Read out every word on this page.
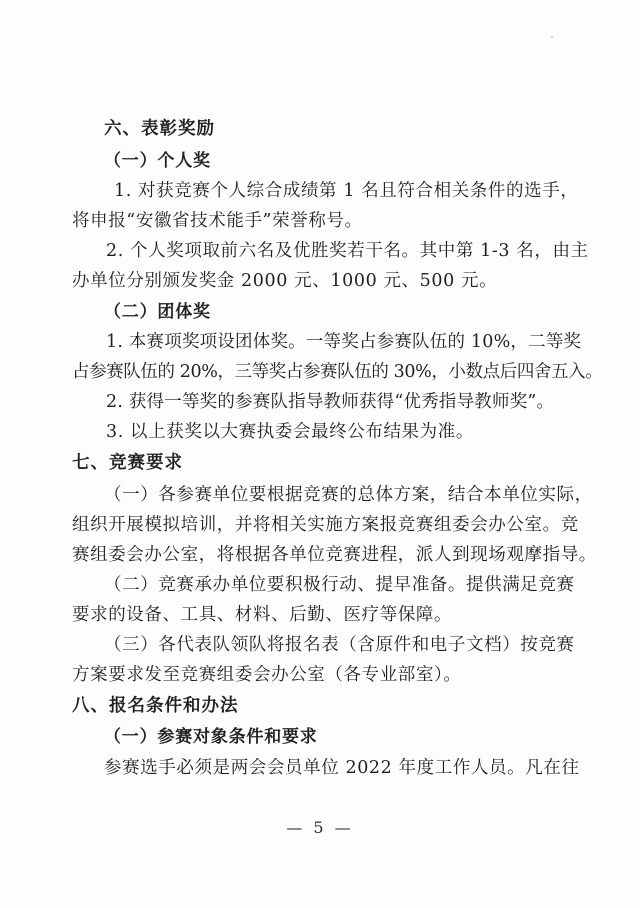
六、表彰奖励
（一）个人奖
1. 对获竞赛个人综合成绩第 1 名且符合相关条件的选手，
将申报“安徽省技术能手”荣誉称号。
2. 个人奖项取前六名及优胜奖若干名。其中第 1-3 名，由主
办单位分别颁发奖金 2000 元、1000 元、500 元。
（二）团体奖
1. 本赛项奖项设团体奖。一等奖占参赛队伍的 10%，二等奖
占参赛队伍的 20%，三等奖占参赛队伍的 30%，小数点后四舍五入。
2. 获得一等奖的参赛队指导教师获得“优秀指导教师奖”。
3. 以上获奖以大赛执委会最终公布结果为准。
七、竞赛要求
（一）各参赛单位要根据竞赛的总体方案，结合本单位实际，
组织开展模拟培训，并将相关实施方案报竞赛组委会办公室。竞
赛组委会办公室，将根据各单位竞赛进程，派人到现场观摩指导。
（二）竞赛承办单位要积极行动、提早准备。提供满足竞赛
要求的设备、工具、材料、后勤、医疗等保障。
（三）各代表队领队将报名表（含原件和电子文档）按竞赛
方案要求发至竞赛组委会办公室（各专业部室）。
八、报名条件和办法
（一）参赛对象条件和要求
参赛选手必须是两会会员单位 2022 年度工作人员。凡在往
— 5 —
